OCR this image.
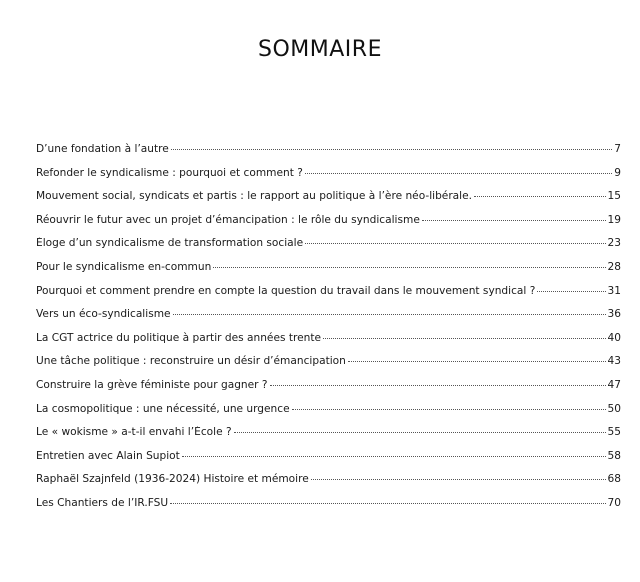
SOMMAIRE
D’une fondation à l’autre	7
Refonder le syndicalisme : pourquoi et comment ?	9
Mouvement social, syndicats et partis : le rapport au politique à l’ère néo-libérale.	15
Réouvrir le futur avec un projet d’émancipation : le rôle du syndicalisme	19
Éloge d’un syndicalisme de transformation sociale	23
Pour le syndicalisme en-commun	28
Pourquoi et comment prendre en compte la question du travail dans le mouvement syndical ?	31
Vers un éco-syndicalisme	36
La CGT actrice du politique à partir des années trente	40
Une tâche politique : reconstruire un désir d’émancipation	43
Construire la grève féministe pour gagner ?	47
La cosmopolitique : une nécessité, une urgence	50
Le « wokisme » a-t-il envahi l’École ?	55
Entretien avec Alain Supiot	58
Raphaël Szajnfeld (1936-2024) Histoire et mémoire	68
Les Chantiers de l’IR.FSU	70
